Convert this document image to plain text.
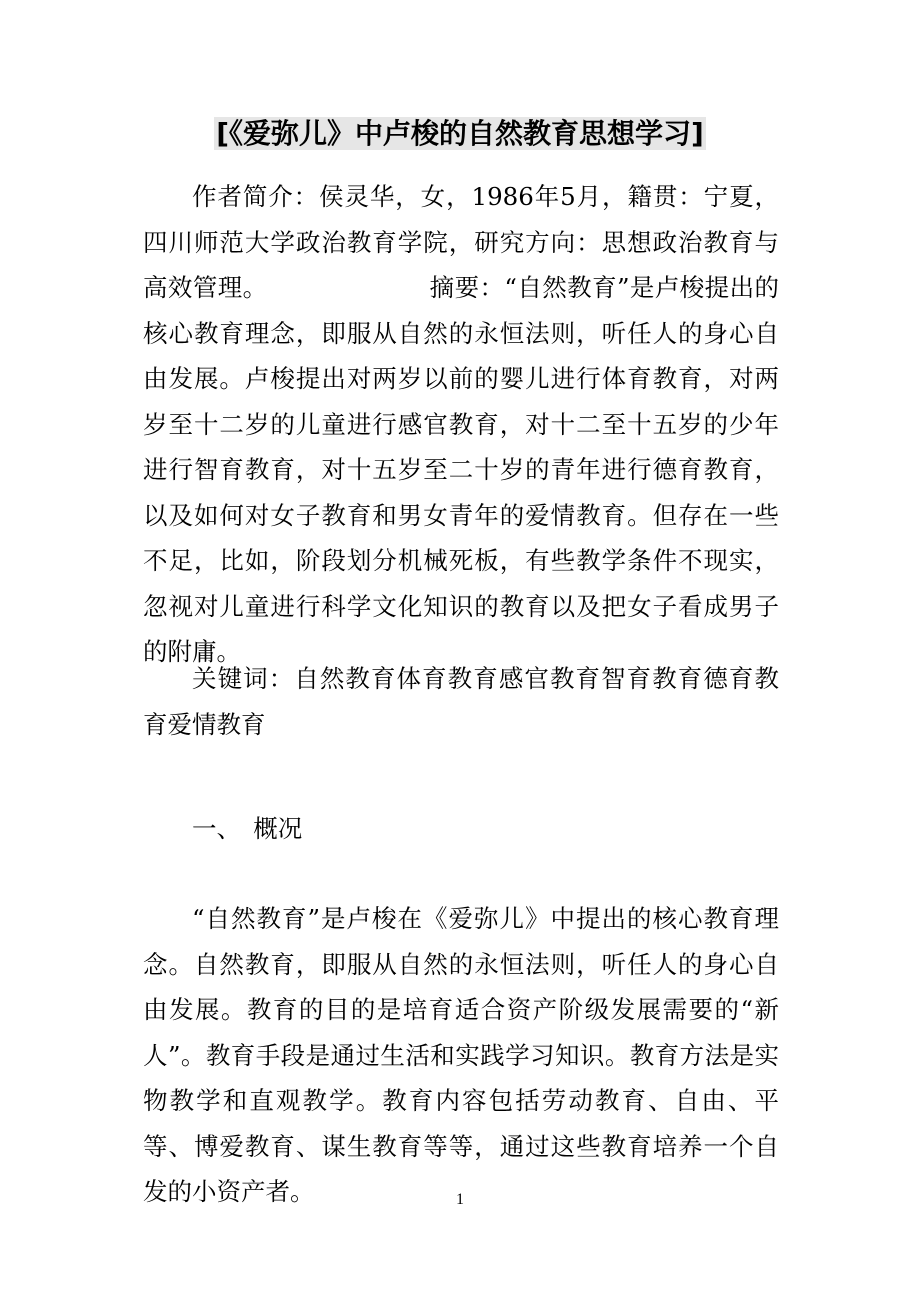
[《爱弥儿》中卢梭的自然教育思想学习]

作者简介：侯灵华，女，1986年5月，籍贯：宁夏，四川师范大学政治教育学院，研究方向：思想政治教育与高效管理。　　　　　　　摘要：“自然教育”是卢梭提出的核心教育理念，即服从自然的永恒法则，听任人的身心自由发展。卢梭提出对两岁以前的婴儿进行体育教育，对两岁至十二岁的儿童进行感官教育，对十二至十五岁的少年进行智育教育，对十五岁至二十岁的青年进行德育教育，以及如何对女子教育和男女青年的爱情教育。但存在一些不足，比如，阶段划分机械死板，有些教学条件不现实，忽视对儿童进行科学文化知识的教育以及把女子看成男子的附庸。

关键词：自然教育体育教育感官教育智育教育德育教育爱情教育

一、　概况

“自然教育”是卢梭在《爱弥儿》中提出的核心教育理念。自然教育，即服从自然的永恒法则，听任人的身心自由发展。教育的目的是培育适合资产阶级发展需要的“新人”。教育手段是通过生活和实践学习知识。教育方法是实物教学和直观教学。教育内容包括劳动教育、自由、平等、博爱教育、谋生教育等等，通过这些教育培养一个自发的小资产者。	1
